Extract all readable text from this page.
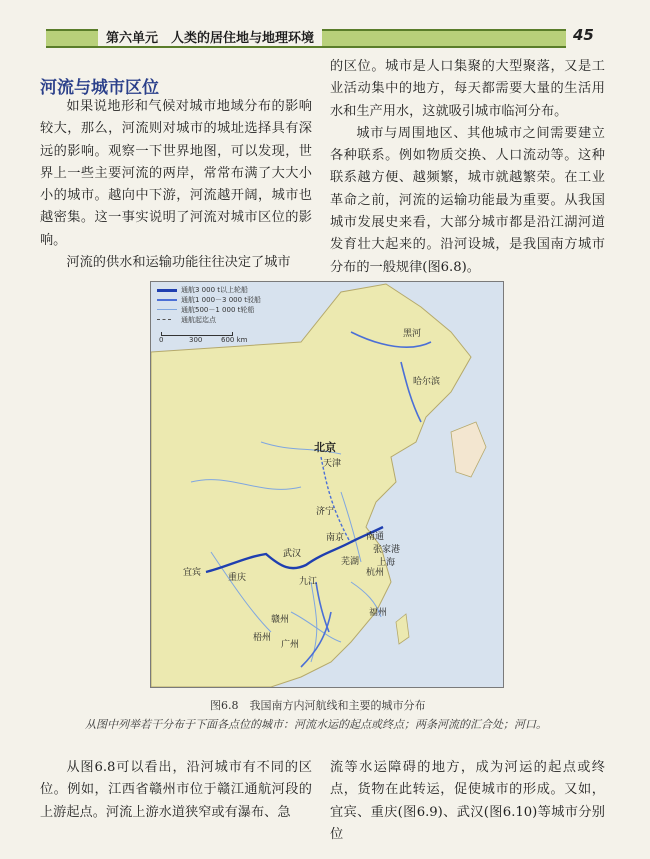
第六单元　人类的居住地与地理环境	45
河流与城市区位

如果说地形和气候对城市地域分布的影响较大，那么，河流则对城市的城址选择具有深远的影响。观察一下世界地图，可以发现，世界上一些主要河流的两岸，常常布满了大大小小的城市。越向中下游，河流越开阔，城市也越密集。这一事实说明了河流对城市区位的影响。

河流的供水和运输功能往往决定了城市

的区位。城市是人口集聚的大型聚落，又是工业活动集中的地方，每天都需要大量的生活用水和生产用水，这就吸引城市临河分布。

城市与周围地区、其他城市之间需要建立各种联系。例如物质交换、人口流动等。这种联系越方便、越频繁，城市就越繁荣。在工业革命之前，河流的运输功能最为重要。从我国城市发展史来看，大部分城市都是沿江湖河道发育壮大起来的。沿河设城，是我国南方城市分布的一般规律(图6.8)。

通航3 000 t以上轮船
通航1 000－3 000 t驳船
通航500－1 000 t轮船
通航起迄点
0	300	600 km
黑河
哈尔滨
北京
天津
济宁
南通
张家港
上海
南京
芜湖
杭州
武汉
九江
宜宾	重庆
赣州
福州
梧州
广州
图6.8　我国南方内河航线和主要的城市分布
从图中列举若干分布于下面各点位的城市：河流水运的起点或终点；两条河流的汇合处；河口。

从图6.8可以看出，沿河城市有不同的区位。例如，江西省赣州市位于赣江通航河段的上游起点。河流上游水道狭窄或有瀑布、急

流等水运障碍的地方，成为河运的起点或终点，货物在此转运，促使城市的形成。又如，宜宾、重庆(图6.9)、武汉(图6.10)等城市分别位
